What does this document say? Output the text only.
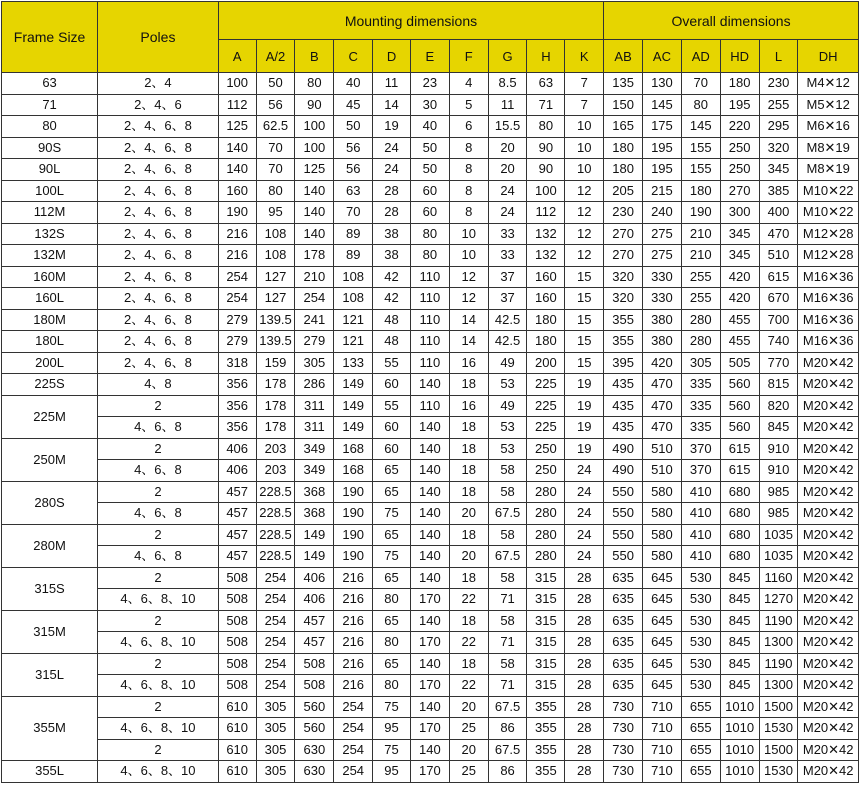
Frame Size	Poles	Mounting dimensions										Overall dimensions					
		A	A/2	B	C	D	E	F	G	H	K	AB	AC	AD	HD	L	DH
63	2、4	100	50	80	40	11	23	4	8.5	63	7	135	130	70	180	230	M4✕12
71	2、4、6	112	56	90	45	14	30	5	11	71	7	150	145	80	195	255	M5✕12
80	2、4、6、8	125	62.5	100	50	19	40	6	15.5	80	10	165	175	145	220	295	M6✕16
90S	2、4、6、8	140	70	100	56	24	50	8	20	90	10	180	195	155	250	320	M8✕19
90L	2、4、6、8	140	70	125	56	24	50	8	20	90	10	180	195	155	250	345	M8✕19
100L	2、4、6、8	160	80	140	63	28	60	8	24	100	12	205	215	180	270	385	M10✕22
112M	2、4、6、8	190	95	140	70	28	60	8	24	112	12	230	240	190	300	400	M10✕22
132S	2、4、6、8	216	108	140	89	38	80	10	33	132	12	270	275	210	345	470	M12✕28
132M	2、4、6、8	216	108	178	89	38	80	10	33	132	12	270	275	210	345	510	M12✕28
160M	2、4、6、8	254	127	210	108	42	110	12	37	160	15	320	330	255	420	615	M16✕36
160L	2、4、6、8	254	127	254	108	42	110	12	37	160	15	320	330	255	420	670	M16✕36
180M	2、4、6、8	279	139.5	241	121	48	110	14	42.5	180	15	355	380	280	455	700	M16✕36
180L	2、4、6、8	279	139.5	279	121	48	110	14	42.5	180	15	355	380	280	455	740	M16✕36
200L	2、4、6、8	318	159	305	133	55	110	16	49	200	15	395	420	305	505	770	M20✕42
225S	4、8	356	178	286	149	60	140	18	53	225	19	435	470	335	560	815	M20✕42
225M	2	356	178	311	149	55	110	16	49	225	19	435	470	335	560	820	M20✕42
	4、6、8	356	178	311	149	60	140	18	53	225	19	435	470	335	560	845	M20✕42
250M	2	406	203	349	168	60	140	18	53	250	19	490	510	370	615	910	M20✕42
	4、6、8	406	203	349	168	65	140	18	58	250	24	490	510	370	615	910	M20✕42
280S	2	457	228.5	368	190	65	140	18	58	280	24	550	580	410	680	985	M20✕42
	4、6、8	457	228.5	368	190	75	140	20	67.5	280	24	550	580	410	680	985	M20✕42
280M	2	457	228.5	149	190	65	140	18	58	280	24	550	580	410	680	1035	M20✕42
	4、6、8	457	228.5	149	190	75	140	20	67.5	280	24	550	580	410	680	1035	M20✕42
315S	2	508	254	406	216	65	140	18	58	315	28	635	645	530	845	1160	M20✕42
	4、6、8、10	508	254	406	216	80	170	22	71	315	28	635	645	530	845	1270	M20✕42
315M	2	508	254	457	216	65	140	18	58	315	28	635	645	530	845	1190	M20✕42
	4、6、8、10	508	254	457	216	80	170	22	71	315	28	635	645	530	845	1300	M20✕42
315L	2	508	254	508	216	65	140	18	58	315	28	635	645	530	845	1190	M20✕42
	4、6、8、10	508	254	508	216	80	170	22	71	315	28	635	645	530	845	1300	M20✕42
355M	2	610	305	560	254	75	140	20	67.5	355	28	730	710	655	1010	1500	M20✕42
	4、6、8、10	610	305	560	254	95	170	25	86	355	28	730	710	655	1010	1530	M20✕42
	2	610	305	630	254	75	140	20	67.5	355	28	730	710	655	1010	1500	M20✕42
355L	4、6、8、10	610	305	630	254	95	170	25	86	355	28	730	710	655	1010	1530	M20✕42
